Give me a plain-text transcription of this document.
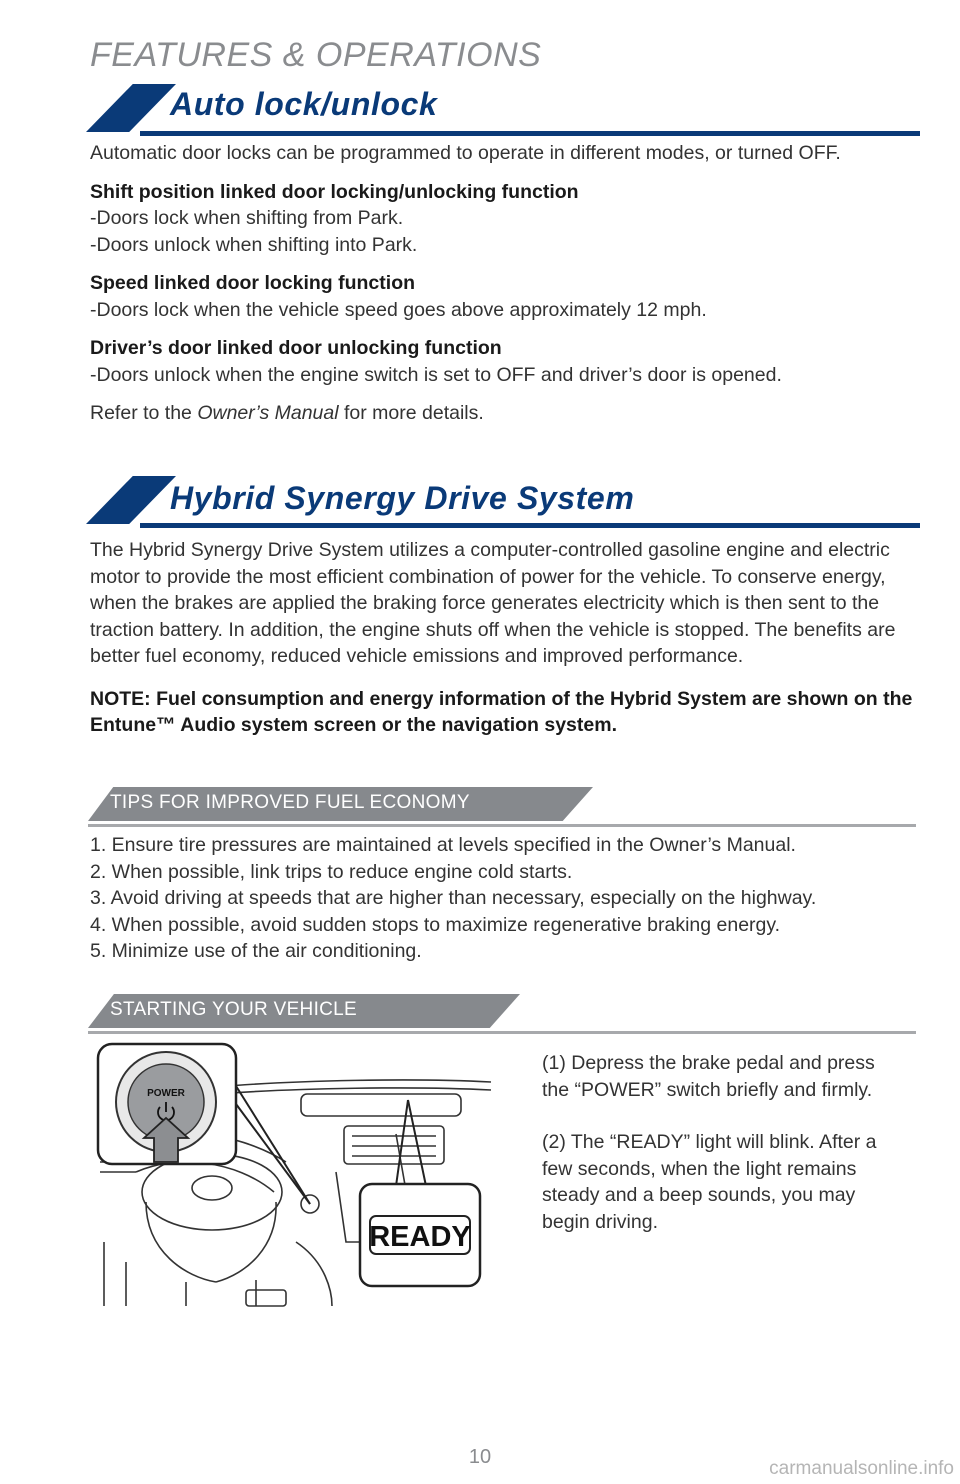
FEATURES & OPERATIONS
Auto lock/unlock

Automatic door locks can be programmed to operate in different modes, or turned OFF.

Shift position linked door locking/unlocking function

-Doors lock when shifting from Park.

-Doors unlock when shifting into Park.

Speed linked door locking function

-Doors lock when the vehicle speed goes above approximately 12 mph.

Driver’s door linked door unlocking function

-Doors unlock when the engine switch is set to OFF and driver’s door is opened.

Refer to the Owner’s Manual for more details.

Hybrid Synergy Drive System

The Hybrid Synergy Drive System utilizes a computer-controlled gasoline engine and electric motor to provide the most efficient combination of power for the vehicle. To conserve energy, when the brakes are applied the braking force generates electricity which is then sent to the traction battery. In addition, the engine shuts off when the vehicle is stopped. The benefits are better fuel economy, reduced vehicle emissions and improved performance.

NOTE: Fuel consumption and energy information of the Hybrid System are shown on the Entune™ Audio system screen or the navigation system.

TIPS FOR IMPROVED FUEL ECONOMY

1. Ensure tire pressures are maintained at levels specified in the Owner’s Manual.

2. When possible, link trips to reduce engine cold starts.

3. Avoid driving at speeds that are higher than necessary, especially on the highway.

4. When possible, avoid sudden stops to maximize regenerative braking energy.

5. Minimize use of the air conditioning.

STARTING YOUR VEHICLE
POWER
READY

(1) Depress the brake pedal and press the “POWER” switch briefly and firmly.

(2) The “READY” light will blink. After a few seconds, when the light remains steady and a beep sounds, you may begin driving.

10
carmanualsonline.info
